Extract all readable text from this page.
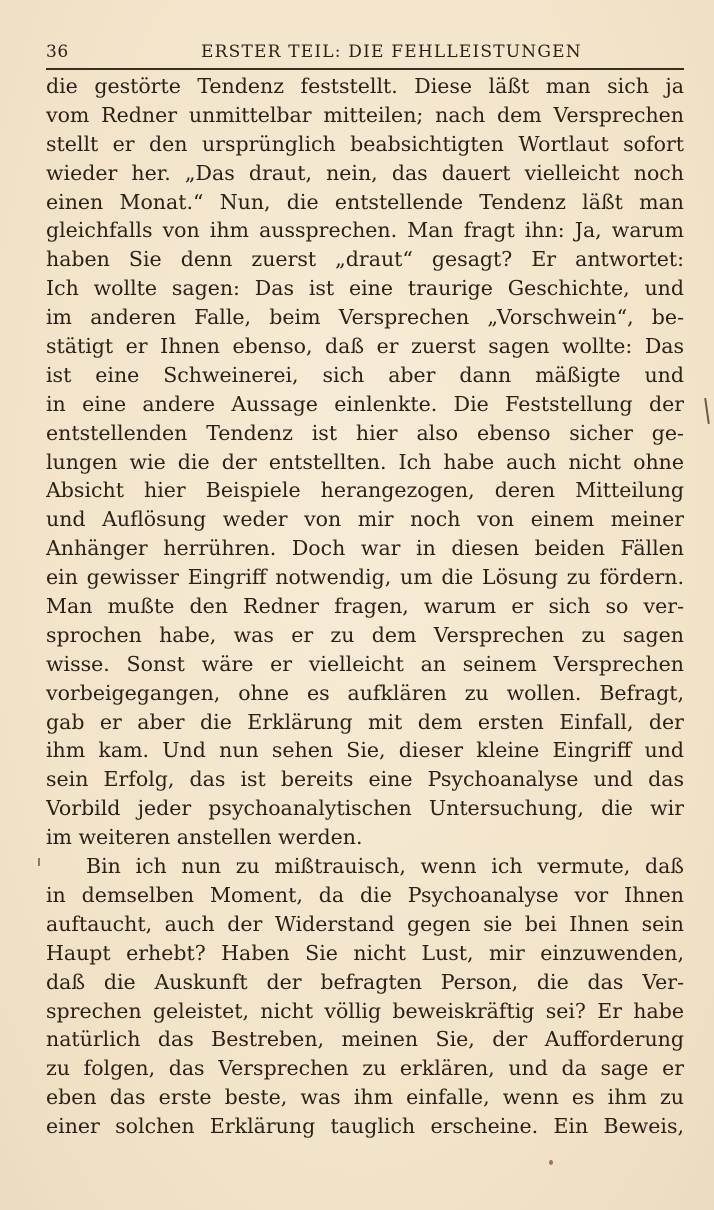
36	ERSTER TEIL: DIE FEHLLEISTUNGEN
die gestörte Tendenz feststellt. Diese läßt man sich ja
vom Redner unmittelbar mitteilen; nach dem Versprechen
stellt er den ursprünglich beabsichtigten Wortlaut sofort
wieder her. „Das draut, nein, das dauert vielleicht noch
einen Monat.“ Nun, die entstellende Tendenz läßt man
gleichfalls von ihm aussprechen. Man fragt ihn: Ja, warum
haben Sie denn zuerst „draut“ gesagt? Er antwortet:
Ich wollte sagen: Das ist eine traurige Geschichte, und
im anderen Falle, beim Versprechen „Vorschwein“, be-
stätigt er Ihnen ebenso, daß er zuerst sagen wollte: Das
ist eine Schweinerei, sich aber dann mäßigte und
in eine andere Aussage einlenkte. Die Feststellung der
entstellenden Tendenz ist hier also ebenso sicher ge-
lungen wie die der entstellten. Ich habe auch nicht ohne
Absicht hier Beispiele herangezogen, deren Mitteilung
und Auflösung weder von mir noch von einem meiner
Anhänger herrühren. Doch war in diesen beiden Fällen
ein gewisser Eingriff notwendig, um die Lösung zu fördern.
Man mußte den Redner fragen, warum er sich so ver-
sprochen habe, was er zu dem Versprechen zu sagen
wisse. Sonst wäre er vielleicht an seinem Versprechen
vorbeigegangen, ohne es aufklären zu wollen. Befragt,
gab er aber die Erklärung mit dem ersten Einfall, der
ihm kam. Und nun sehen Sie, dieser kleine Eingriff und
sein Erfolg, das ist bereits eine Psychoanalyse und das
Vorbild jeder psychoanalytischen Untersuchung, die wir
im weiteren anstellen werden.
Bin ich nun zu mißtrauisch, wenn ich vermute, daß
in demselben Moment, da die Psychoanalyse vor Ihnen
auftaucht, auch der Widerstand gegen sie bei Ihnen sein
Haupt erhebt? Haben Sie nicht Lust, mir einzuwenden,
daß die Auskunft der befragten Person, die das Ver-
sprechen geleistet, nicht völlig beweiskräftig sei? Er habe
natürlich das Bestreben, meinen Sie, der Aufforderung
zu folgen, das Versprechen zu erklären, und da sage er
eben das erste beste, was ihm einfalle, wenn es ihm zu
einer solchen Erklärung tauglich erscheine. Ein Beweis,
